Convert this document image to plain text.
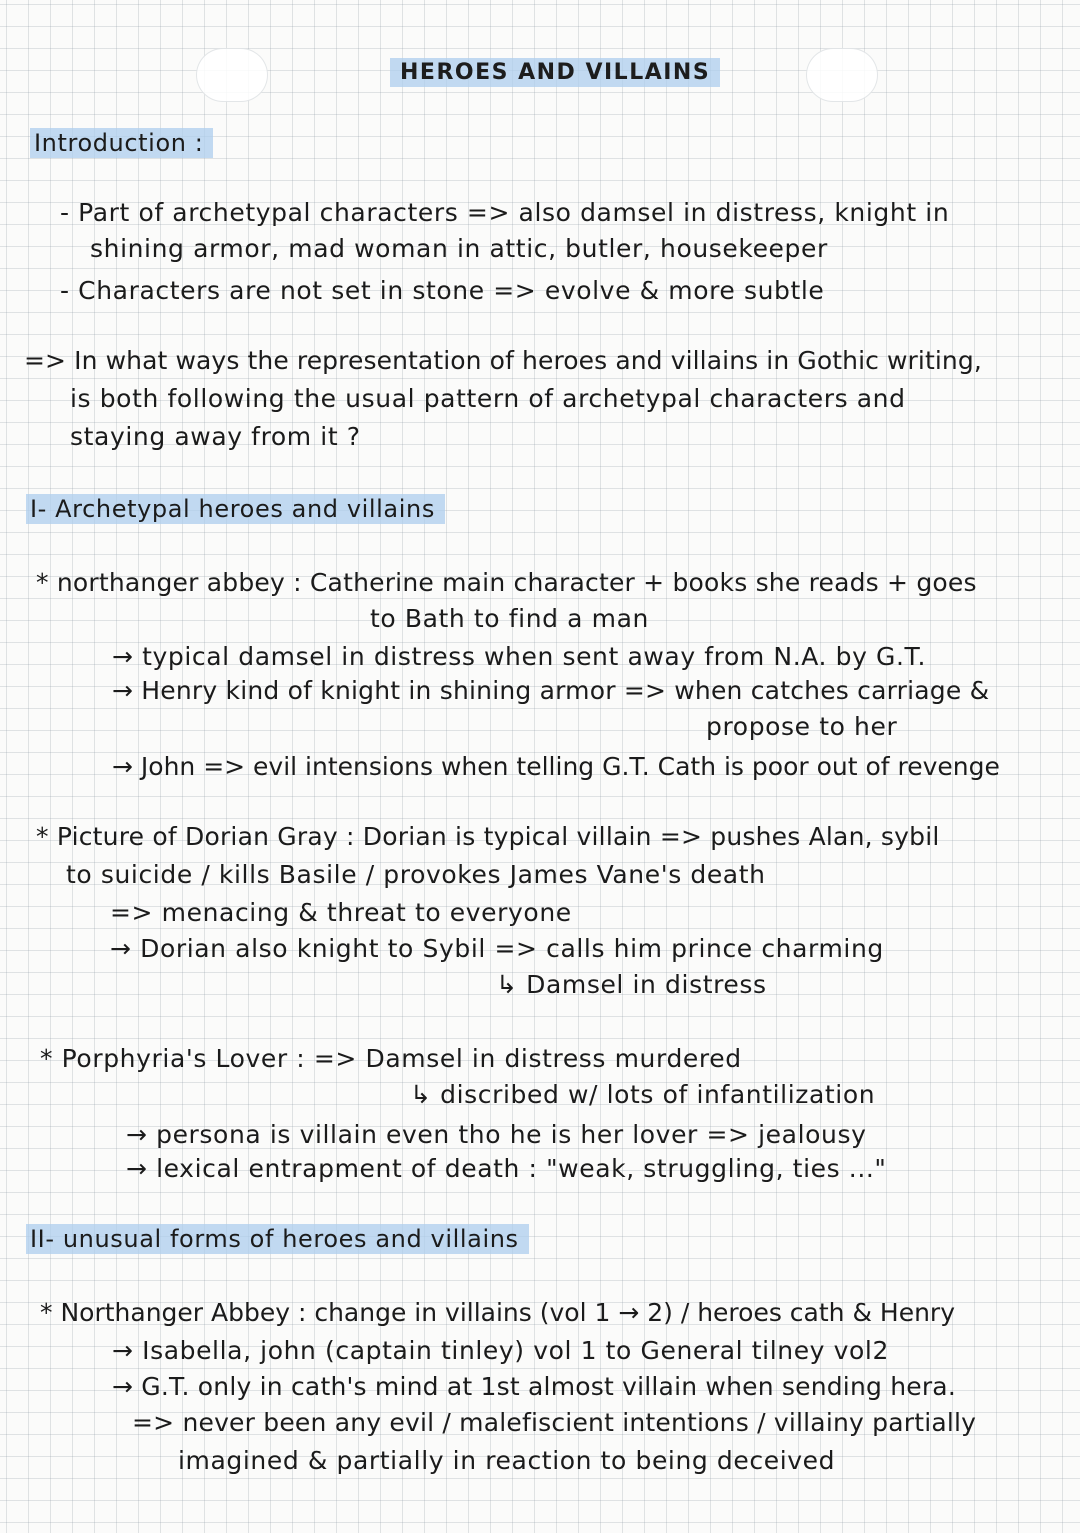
HEROES AND VILLAINS
Introduction :
- Part of archetypal characters => also damsel in distress, knight in
shining armor, mad woman in attic, butler, housekeeper
- Characters are not set in stone => evolve & more subtle
=> In what ways the representation of heroes and villains in Gothic writing,
is both following the usual pattern of archetypal characters and
staying away from it ?
I- Archetypal heroes and villains
* northanger abbey : Catherine main character + books she reads + goes
to Bath to find a man
→ typical damsel in distress when sent away from N.A. by G.T.
→ Henry kind of knight in shining armor => when catches carriage &
propose to her
→ John => evil intensions when telling G.T. Cath is poor out of revenge
* Picture of Dorian Gray : Dorian is typical villain => pushes Alan, sybil
to suicide / kills Basile / provokes James Vane's death
=> menacing & threat to everyone
→ Dorian also knight to Sybil => calls him prince charming
↳ Damsel in distress
* Porphyria's Lover : => Damsel in distress murdered
↳ discribed w/ lots of infantilization
→ persona is villain even tho he is her lover => jealousy
→ lexical entrapment of death : "weak, struggling, ties ..."
II- unusual forms of heroes and villains
* Northanger Abbey : change in villains (vol 1 → 2) / heroes cath & Henry
→ Isabella, john (captain tinley) vol 1 to General tilney vol2
→ G.T. only in cath's mind at 1st almost villain when sending hera.
=> never been any evil / malefiscient intentions / villainy partially
imagined & partially in reaction to being deceived
